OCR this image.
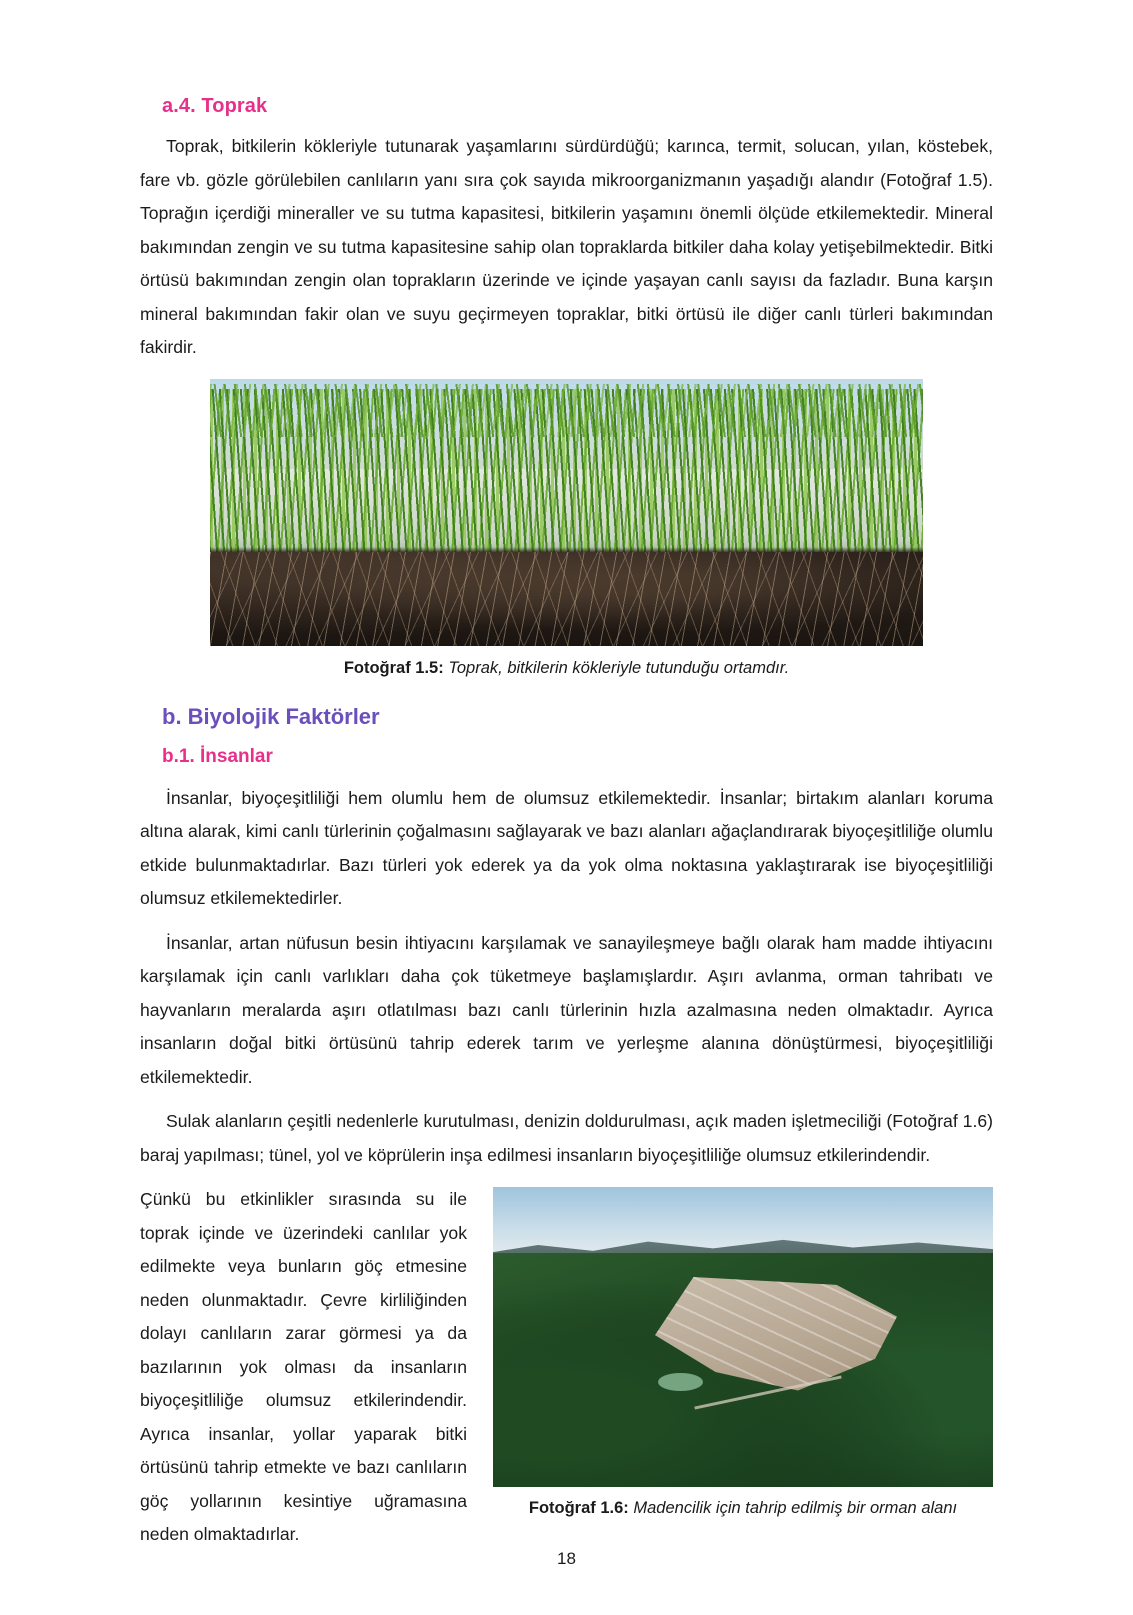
a.4. Toprak

Toprak, bitkilerin kökleriyle tutunarak yaşamlarını sürdürdüğü; karınca, termit, solucan, yılan, köstebek, fare vb. gözle görülebilen canlıların yanı sıra çok sayıda mikroorganizmanın yaşadığı alandır (Fotoğraf 1.5). Toprağın içerdiği mineraller ve su tutma kapasitesi, bitkilerin yaşamını önemli ölçüde etkilemektedir. Mineral bakımından zengin ve su tutma kapasitesine sahip olan topraklarda bitkiler daha kolay yetişebilmektedir. Bitki örtüsü bakımından zengin olan toprakların üzerinde ve içinde yaşayan canlı sayısı da fazladır. Buna karşın mineral bakımından fakir olan ve suyu geçirmeyen topraklar, bitki örtüsü ile diğer canlı türleri bakımından fakirdir.

Fotoğraf 1.5: Toprak, bitkilerin kökleriyle tutunduğu ortamdır.
b. Biyolojik Faktörler
b.1. İnsanlar

İnsanlar, biyoçeşitliliği hem olumlu hem de olumsuz etkilemektedir. İnsanlar; birtakım alanları koruma altına alarak, kimi canlı türlerinin çoğalmasını sağlayarak ve bazı alanları ağaçlandırarak biyoçeşitliliğe olumlu etkide bulunmaktadırlar. Bazı türleri yok ederek ya da yok olma noktasına yaklaştırarak ise biyoçeşitliliği olumsuz etkilemektedirler.

İnsanlar, artan nüfusun besin ihtiyacını karşılamak ve sanayileşmeye bağlı olarak ham madde ihtiyacını karşılamak için canlı varlıkları daha çok tüketmeye başlamışlardır. Aşırı avlanma, orman tahribatı ve hayvanların meralarda aşırı otlatılması bazı canlı türlerinin hızla azalmasına neden olmaktadır. Ayrıca insanların doğal bitki örtüsünü tahrip ederek tarım ve yerleşme alanına dönüştürmesi, biyoçeşitliliği etkilemektedir.

Sulak alanların çeşitli nedenlerle kurutulması, denizin doldurulması, açık maden işletmeciliği (Fotoğraf 1.6) baraj yapılması; tünel, yol ve köprülerin inşa edilmesi insanların biyoçeşitliliğe olumsuz etkilerindendir.

Fotoğraf 1.6: Madencilik için tahrip edilmiş bir orman alanı

Çünkü bu etkinlikler sırasında su ile toprak içinde ve üzerindeki canlılar yok edilmekte veya bunların göç etmesine neden olunmaktadır. Çevre kirliliğinden dolayı canlıların zarar görmesi ya da bazılarının yok olması da insanların biyoçeşitliliğe olumsuz etkilerindendir. Ayrıca insanlar, yollar yaparak bitki örtüsünü tahrip etmekte ve bazı canlıların göç yollarının kesintiye uğramasına neden olmaktadırlar.

18
